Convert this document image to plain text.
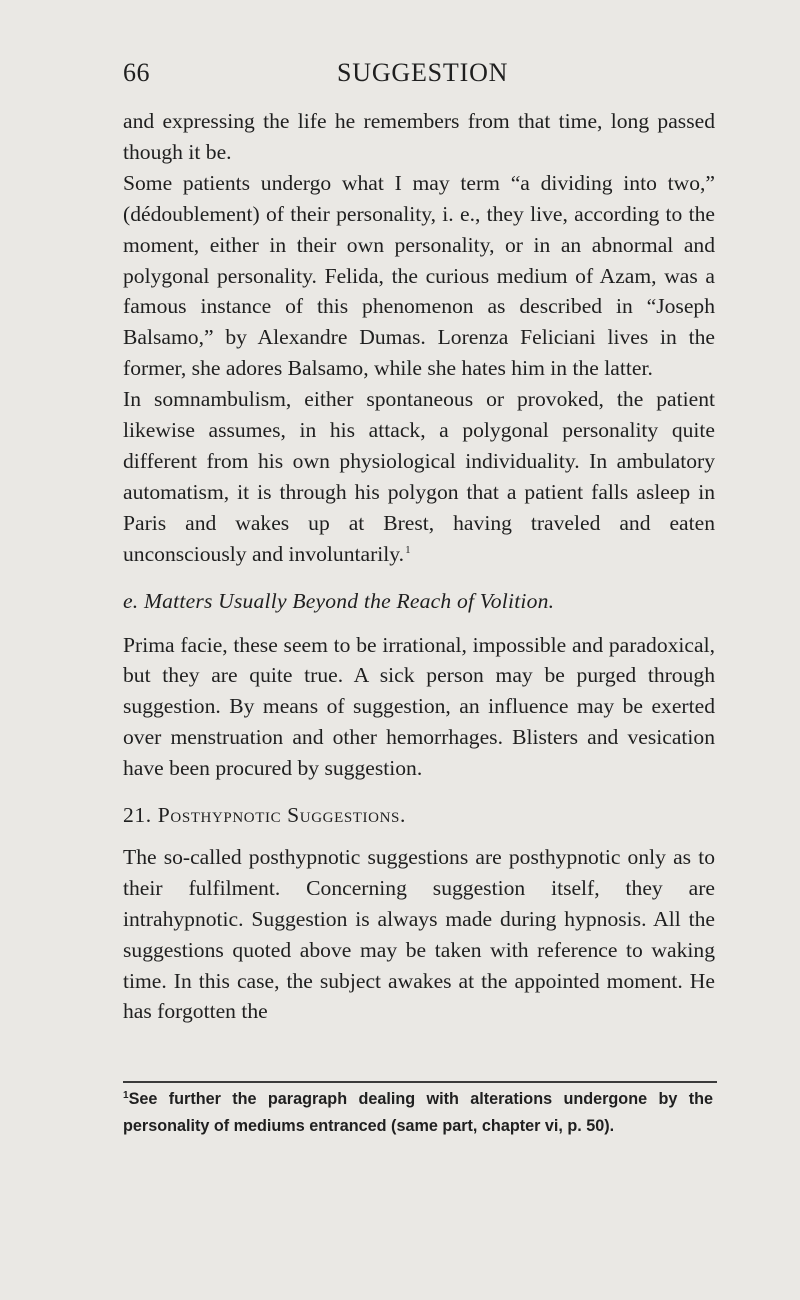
66	SUGGESTION

and expressing the life he remembers from that time, long passed though it be.

Some patients undergo what I may term “a dividing into two,” (dédoublement) of their personality, i. e., they live, according to the moment, either in their own personality, or in an abnormal and polygonal personality. Felida, the curious medium of Azam, was a famous instance of this phenomenon as described in “Joseph Balsamo,” by Alexandre Dumas. Lorenza Feliciani lives in the former, she adores Balsamo, while she hates him in the latter.

In somnambulism, either spontaneous or provoked, the patient likewise assumes, in his attack, a polygonal personality quite different from his own physiological individuality. In ambulatory automatism, it is through his polygon that a patient falls asleep in Paris and wakes up at Brest, having traveled and eaten unconsciously and involuntarily.$^1$

e. Matters Usually Beyond the Reach of Volition.

Prima facie, these seem to be irrational, impossible and paradoxical, but they are quite true. A sick person may be purged through suggestion. By means of suggestion, an influence may be exerted over menstruation and other hemorrhages. Blisters and vesication have been procured by suggestion.

21. Posthypnotic Suggestions.

The so-called posthypnotic suggestions are posthypnotic only as to their fulfilment. Concerning suggestion itself, they are intrahypnotic. Suggestion is always made during hypnosis. All the suggestions quoted above may be taken with reference to waking time. In this case, the subject awakes at the appointed moment. He has forgotten the

$^1$See further the paragraph dealing with alterations undergone by the personality of mediums entranced (same part, chapter vi, p. 50).
